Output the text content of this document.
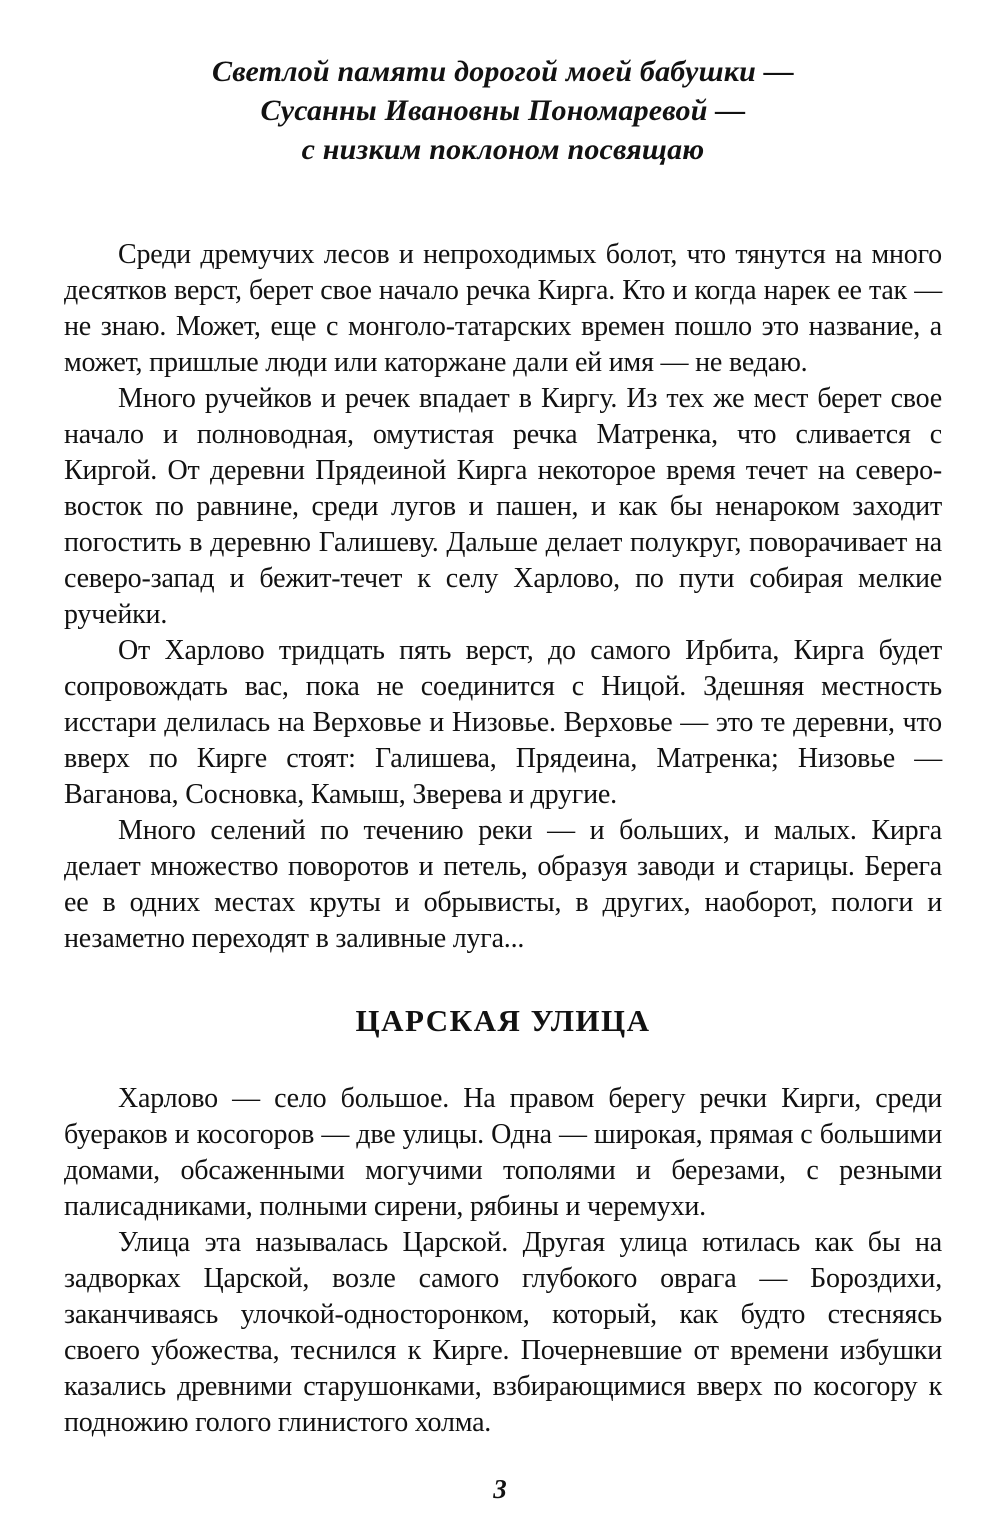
Светлой памяти дорогой моей бабушки —
Сусанны Ивановны Пономаревой —
с низким поклоном посвящаю

Среди дремучих лесов и непроходимых болот, что тянутся на много десятков верст, берет свое начало речка Кирга. Кто и когда нарек ее так — не знаю. Может, еще с монголо-татарских времен пошло это название, а может, пришлые люди или каторжане дали ей имя — не ведаю.

Много ручейков и речек впадает в Киргу. Из тех же мест берет свое начало и полноводная, омутистая речка Матренка, что сливается с Киргой. От деревни Прядеиной Кирга некоторое время течет на северо-восток по равнине, среди лугов и пашен, и как бы ненароком заходит погостить в деревню Галишеву. Дальше делает полукруг, поворачивает на северо-запад и бежит-течет к селу Харлово, по пути собирая мелкие ручейки.

От Харлово тридцать пять верст, до самого Ирбита, Кирга будет сопровождать вас, пока не соединится с Ницой. Здешняя местность исстари делилась на Верховье и Низовье. Верховье — это те деревни, что вверх по Кирге стоят: Галишева, Прядеина, Матренка; Низовье — Ваганова, Сосновка, Камыш, Зверева и другие.

Много селений по течению реки — и больших, и малых. Кирга делает множество поворотов и петель, образуя заводи и старицы. Берега ее в одних местах круты и обрывисты, в других, наоборот, пологи и незаметно переходят в заливные луга...

ЦАРСКАЯ УЛИЦА

Харлово — село большое. На правом берегу речки Кирги, среди буераков и косогоров — две улицы. Одна — широкая, прямая с большими домами, обсаженными могучими тополями и березами, с резными палисадниками, полными сирени, рябины и черемухи.

Улица эта называлась Царской. Другая улица ютилась как бы на задворках Царской, возле самого глубокого оврага — Бороздихи, заканчиваясь улочкой-односторонком, который, как будто стесняясь своего убожества, теснился к Кирге. Почерневшие от времени избушки казались древними старушонками, взбирающимися вверх по косогору к подножию голого глинистого холма.

3
